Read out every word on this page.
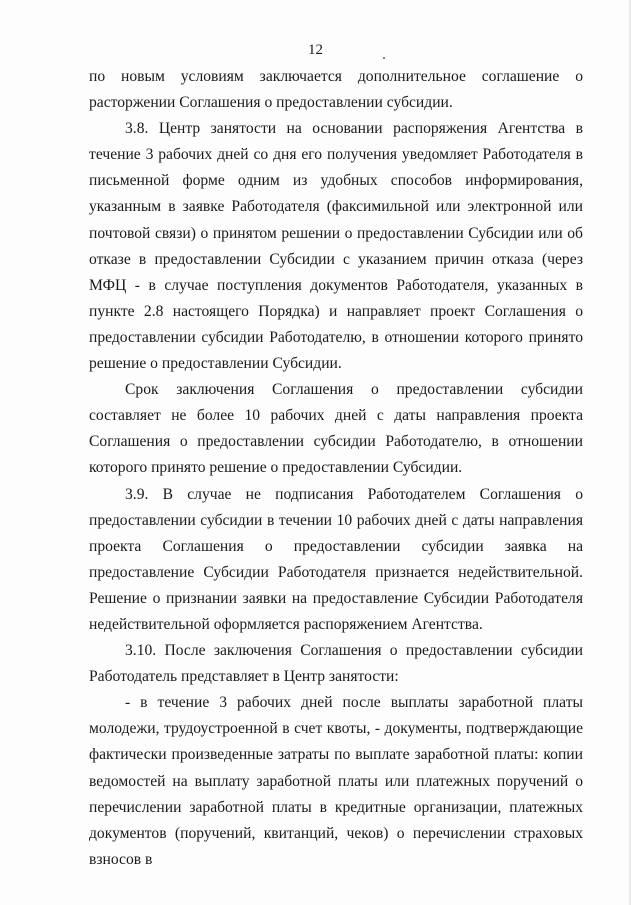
12

по новым условиям заключается дополнительное соглашение о расторжении Соглашения о предоставлении субсидии.

3.8. Центр занятости на основании распоряжения Агентства в течение 3 рабочих дней со дня его получения уведомляет Работодателя в письменной форме одним из удобных способов информирования, указанным в заявке Работодателя (факсимильной или электронной или почтовой связи) о принятом решении о предоставлении Субсидии или об отказе в предоставлении Субсидии с указанием причин отказа (через МФЦ - в случае поступления документов Работодателя, указанных в пункте 2.8 настоящего Порядка) и направляет проект Соглашения о предоставлении субсидии Работодателю, в отношении которого принято решение о предоставлении Субсидии.

Срок заключения Соглашения о предоставлении субсидии составляет не более 10 рабочих дней с даты направления проекта Соглашения о предоставлении субсидии Работодателю, в отношении которого принято решение о предоставлении Субсидии.

3.9. В случае не подписания Работодателем Соглашения о предоставлении субсидии в течении 10 рабочих дней с даты направления проекта Соглашения о предоставлении субсидии заявка на предоставление Субсидии Работодателя признается недействительной. Решение о признании заявки на предоставление Субсидии Работодателя недействительной оформляется распоряжением Агентства.

3.10. После заключения Соглашения о предоставлении субсидии Работодатель представляет в Центр занятости:

- в течение 3 рабочих дней после выплаты заработной платы молодежи, трудоустроенной в счет квоты, - документы, подтверждающие фактически произведенные затраты по выплате заработной платы: копии ведомостей на выплату заработной платы или платежных поручений о перечислении заработной платы в кредитные организации, платежных документов (поручений, квитанций, чеков) о перечислении страховых взносов в
